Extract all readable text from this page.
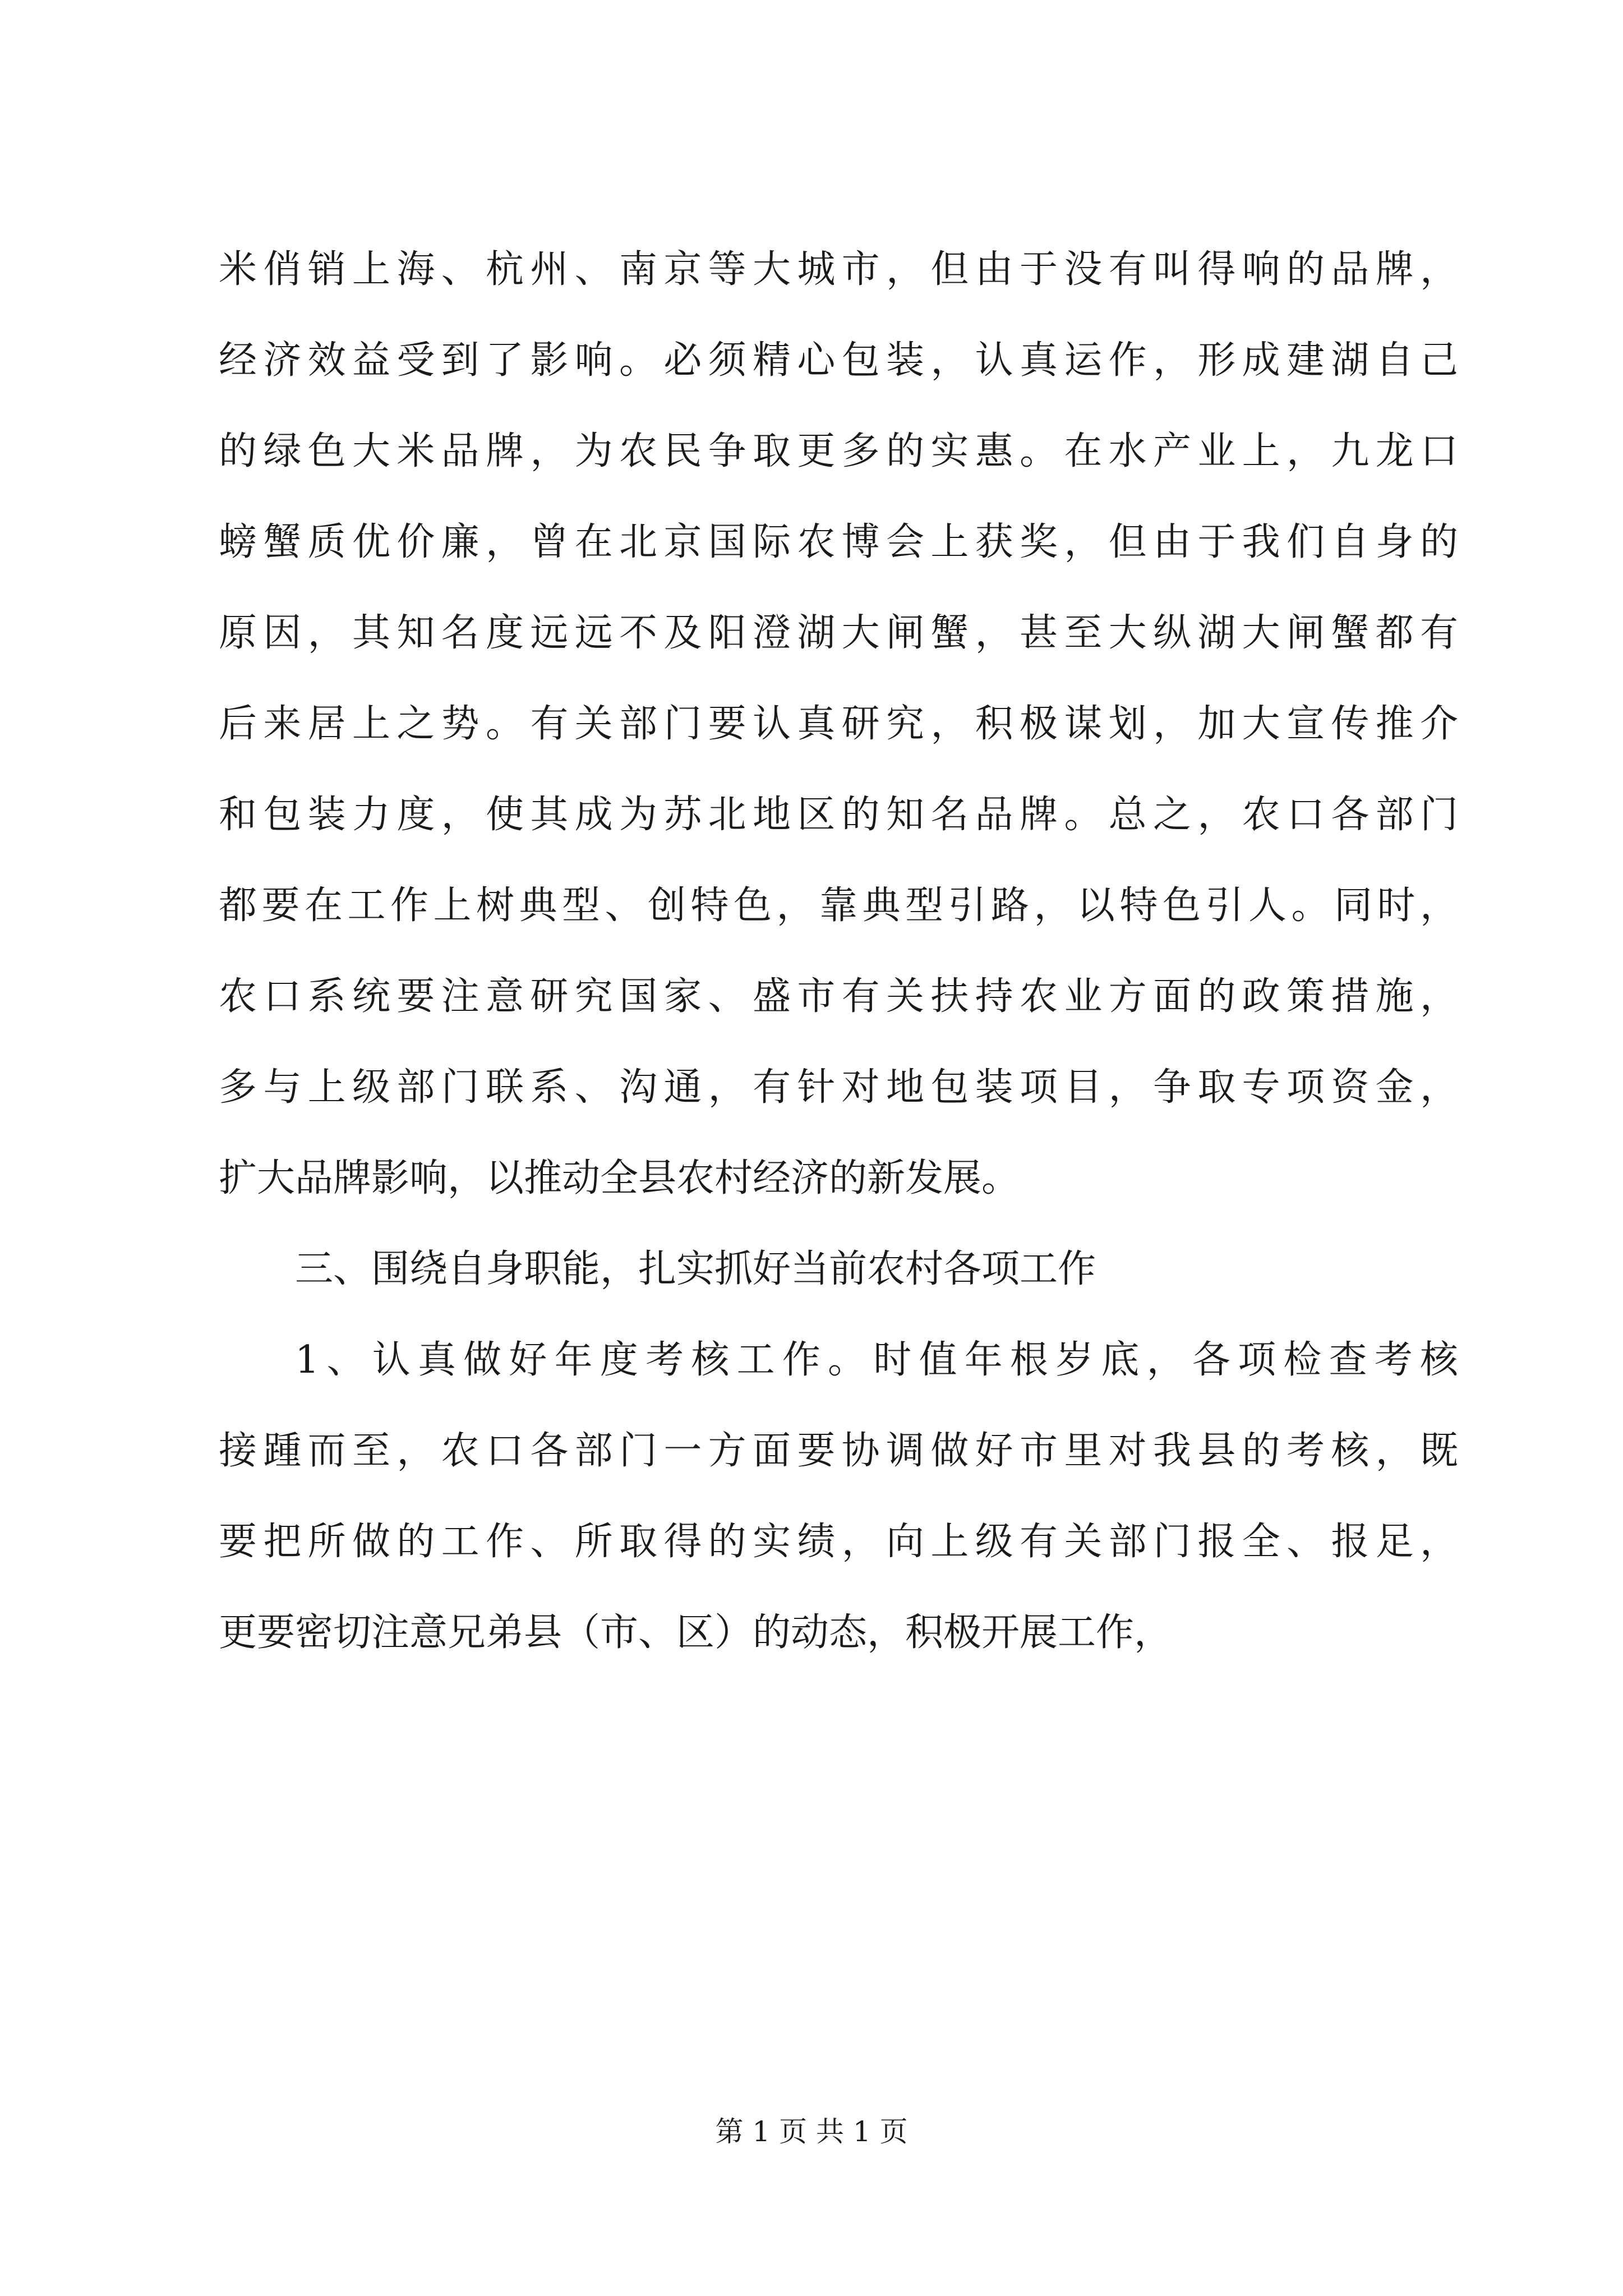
米俏销上海、杭州、南京等大城市，但由于没有叫得响的品牌，
经济效益受到了影响。必须精心包装，认真运作，形成建湖自己
的绿色大米品牌，为农民争取更多的实惠。在水产业上，九龙口
螃蟹质优价廉，曾在北京国际农博会上获奖，但由于我们自身的
原因，其知名度远远不及阳澄湖大闸蟹，甚至大纵湖大闸蟹都有
后来居上之势。有关部门要认真研究，积极谋划，加大宣传推介
和包装力度，使其成为苏北地区的知名品牌。总之，农口各部门
都要在工作上树典型、创特色，靠典型引路，以特色引人。同时，
农口系统要注意研究国家、盛市有关扶持农业方面的政策措施，
多与上级部门联系、沟通，有针对地包装项目，争取专项资金，
扩大品牌影响，以推动全县农村经济的新发展。
三、围绕自身职能，扎实抓好当前农村各项工作
1、认真做好年度考核工作。时值年根岁底，各项检查考核
接踵而至，农口各部门一方面要协调做好市里对我县的考核，既
要把所做的工作、所取得的实绩，向上级有关部门报全、报足，
更要密切注意兄弟县（市、区）的动态，积极开展工作，
第 1 页 共 1 页
